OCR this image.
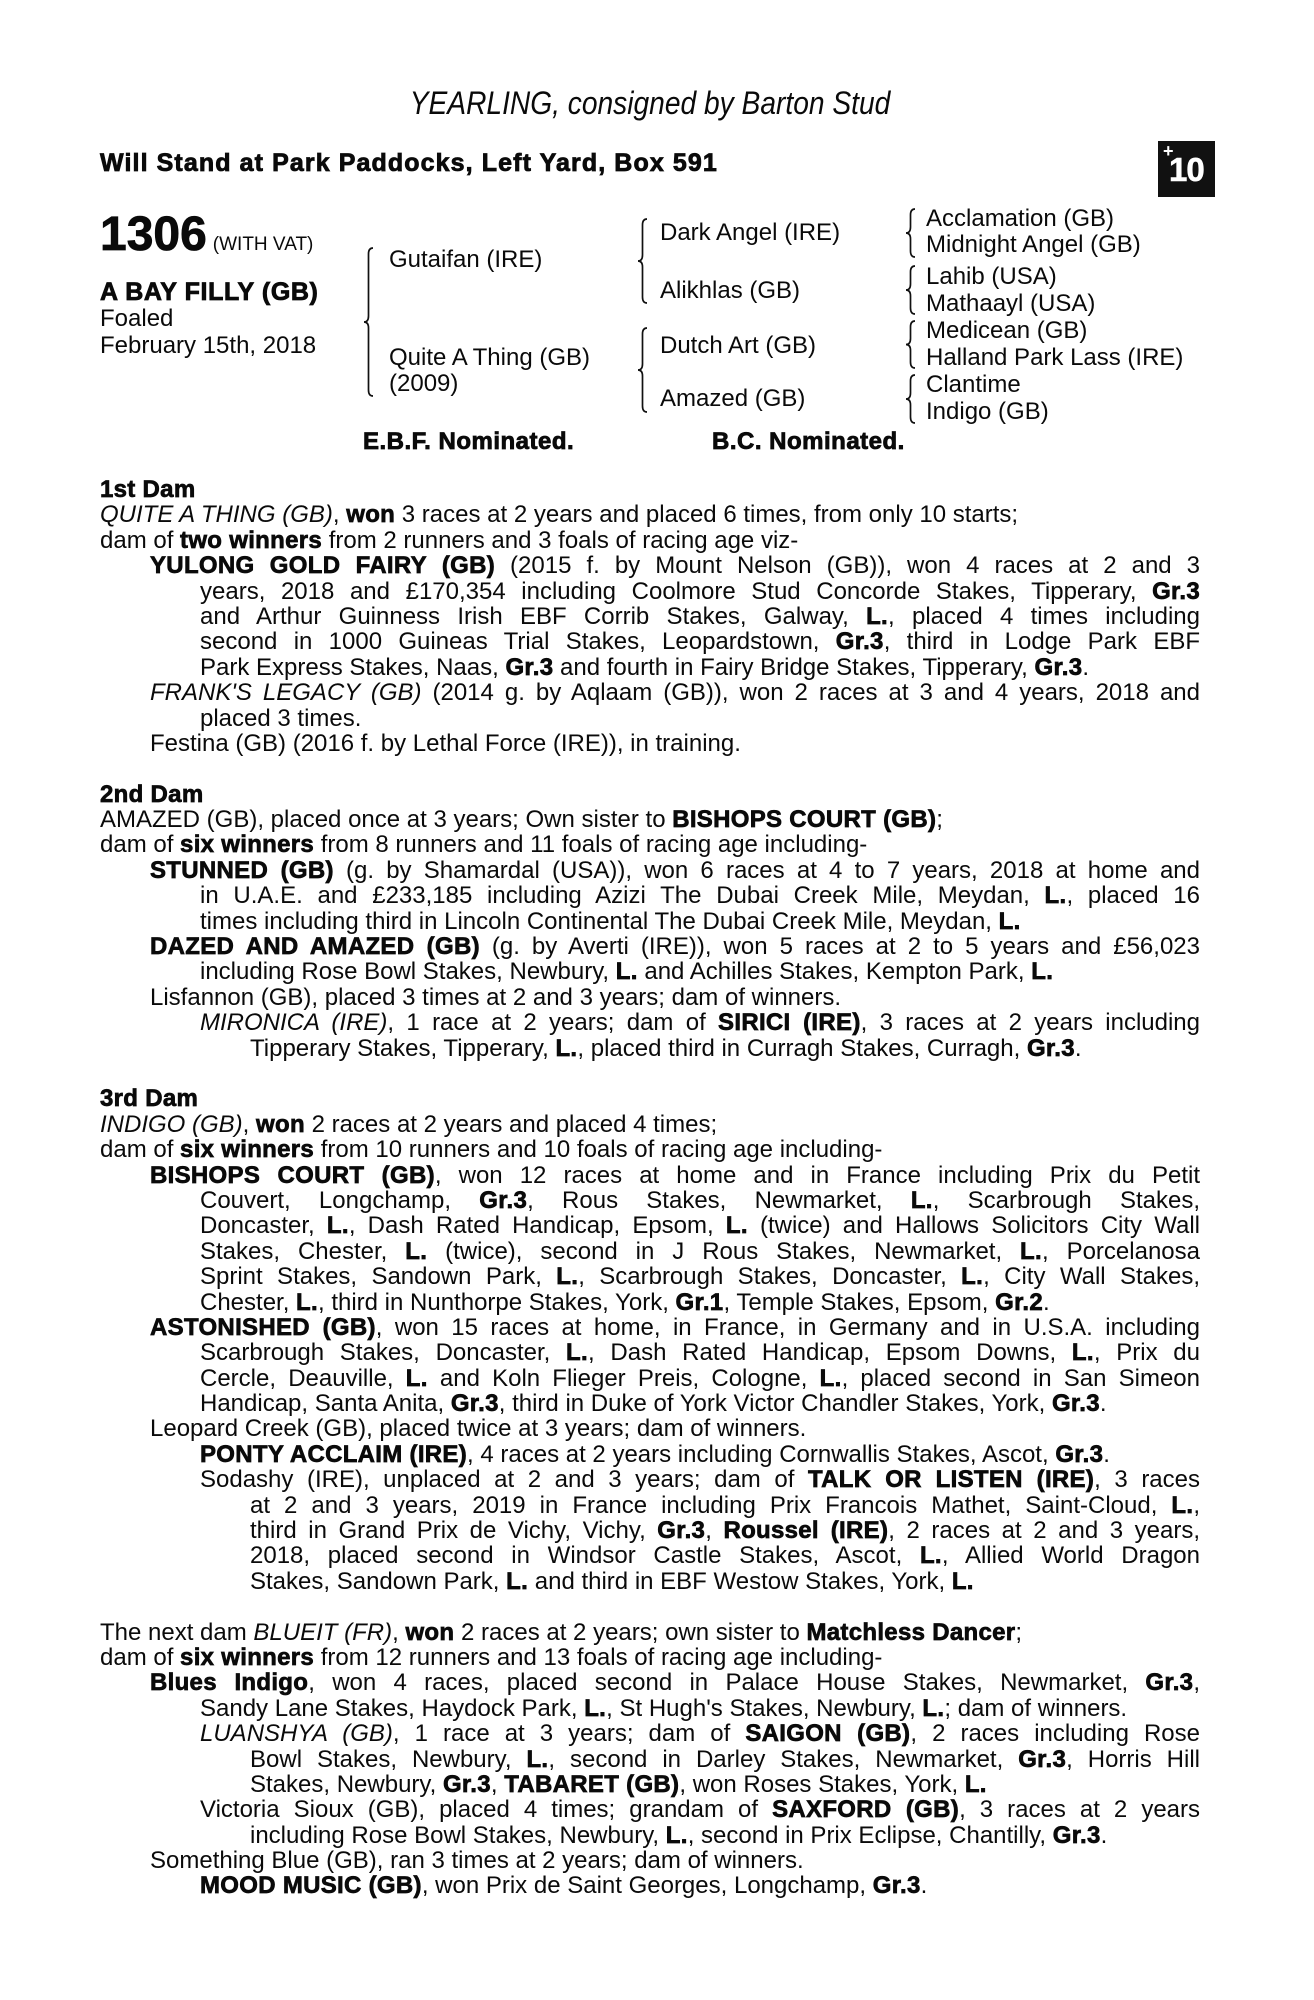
YEARLING, consigned by Barton Stud
Will Stand at Park Paddocks, Left Yard, Box 591	+
10
1306 (WITH VAT)
A BAY FILLY (GB)
Foaled
February 15th, 2018
Gutaifan (IRE)
Quite A Thing (GB)
(2009)
Dark Angel (IRE)
Alikhlas (GB)
Dutch Art (GB)
Amazed (GB)
Acclamation (GB)
Midnight Angel (GB)
Lahib (USA)
Mathaayl (USA)
Medicean (GB)
Halland Park Lass (IRE)
Clantime
Indigo (GB)
E.B.F. Nominated.	B.C. Nominated.
1st Dam
QUITE A THING (GB), won 3 races at 2 years and placed 6 times, from only 10 starts;
dam of two winners from 2 runners and 3 foals of racing age viz-
YULONG GOLD FAIRY (GB) (2015 f. by Mount Nelson (GB)), won 4 races at 2 and 3
years, 2018 and £170,354 including Coolmore Stud Concorde Stakes, Tipperary, Gr.3
and Arthur Guinness Irish EBF Corrib Stakes, Galway, L., placed 4 times including
second in 1000 Guineas Trial Stakes, Leopardstown, Gr.3, third in Lodge Park EBF
Park Express Stakes, Naas, Gr.3 and fourth in Fairy Bridge Stakes, Tipperary, Gr.3.
FRANK'S LEGACY (GB) (2014 g. by Aqlaam (GB)), won 2 races at 3 and 4 years, 2018 and
placed 3 times.
Festina (GB) (2016 f. by Lethal Force (IRE)), in training.
2nd Dam
AMAZED (GB), placed once at 3 years; Own sister to BISHOPS COURT (GB);
dam of six winners from 8 runners and 11 foals of racing age including-
STUNNED (GB) (g. by Shamardal (USA)), won 6 races at 4 to 7 years, 2018 at home and
in U.A.E. and £233,185 including Azizi The Dubai Creek Mile, Meydan, L., placed 16
times including third in Lincoln Continental The Dubai Creek Mile, Meydan, L.
DAZED AND AMAZED (GB) (g. by Averti (IRE)), won 5 races at 2 to 5 years and £56,023
including Rose Bowl Stakes, Newbury, L. and Achilles Stakes, Kempton Park, L.
Lisfannon (GB), placed 3 times at 2 and 3 years; dam of winners.
MIRONICA (IRE), 1 race at 2 years; dam of SIRICI (IRE), 3 races at 2 years including
Tipperary Stakes, Tipperary, L., placed third in Curragh Stakes, Curragh, Gr.3.
3rd Dam
INDIGO (GB), won 2 races at 2 years and placed 4 times;
dam of six winners from 10 runners and 10 foals of racing age including-
BISHOPS COURT (GB), won 12 races at home and in France including Prix du Petit
Couvert, Longchamp, Gr.3, Rous Stakes, Newmarket, L., Scarbrough Stakes,
Doncaster, L., Dash Rated Handicap, Epsom, L. (twice) and Hallows Solicitors City Wall
Stakes, Chester, L. (twice), second in J Rous Stakes, Newmarket, L., Porcelanosa
Sprint Stakes, Sandown Park, L., Scarbrough Stakes, Doncaster, L., City Wall Stakes,
Chester, L., third in Nunthorpe Stakes, York, Gr.1, Temple Stakes, Epsom, Gr.2.
ASTONISHED (GB), won 15 races at home, in France, in Germany and in U.S.A. including
Scarbrough Stakes, Doncaster, L., Dash Rated Handicap, Epsom Downs, L., Prix du
Cercle, Deauville, L. and Koln Flieger Preis, Cologne, L., placed second in San Simeon
Handicap, Santa Anita, Gr.3, third in Duke of York Victor Chandler Stakes, York, Gr.3.
Leopard Creek (GB), placed twice at 3 years; dam of winners.
PONTY ACCLAIM (IRE), 4 races at 2 years including Cornwallis Stakes, Ascot, Gr.3.
Sodashy (IRE), unplaced at 2 and 3 years; dam of TALK OR LISTEN (IRE), 3 races
at 2 and 3 years, 2019 in France including Prix Francois Mathet, Saint-Cloud, L.,
third in Grand Prix de Vichy, Vichy, Gr.3, Roussel (IRE), 2 races at 2 and 3 years,
2018, placed second in Windsor Castle Stakes, Ascot, L., Allied World Dragon
Stakes, Sandown Park, L. and third in EBF Westow Stakes, York, L.
The next dam BLUEIT (FR), won 2 races at 2 years; own sister to Matchless Dancer;
dam of six winners from 12 runners and 13 foals of racing age including-
Blues Indigo, won 4 races, placed second in Palace House Stakes, Newmarket, Gr.3,
Sandy Lane Stakes, Haydock Park, L., St Hugh's Stakes, Newbury, L.; dam of winners.
LUANSHYA (GB), 1 race at 3 years; dam of SAIGON (GB), 2 races including Rose
Bowl Stakes, Newbury, L., second in Darley Stakes, Newmarket, Gr.3, Horris Hill
Stakes, Newbury, Gr.3, TABARET (GB), won Roses Stakes, York, L.
Victoria Sioux (GB), placed 4 times; grandam of SAXFORD (GB), 3 races at 2 years
including Rose Bowl Stakes, Newbury, L., second in Prix Eclipse, Chantilly, Gr.3.
Something Blue (GB), ran 3 times at 2 years; dam of winners.
MOOD MUSIC (GB), won Prix de Saint Georges, Longchamp, Gr.3.
